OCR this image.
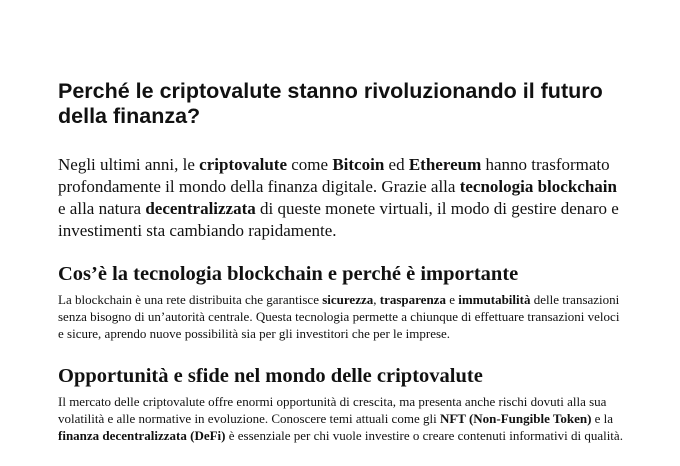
Perché le criptovalute stanno rivoluzionando il futuro della finanza?

Negli ultimi anni, le criptovalute come Bitcoin ed Ethereum hanno trasformato profondamente il mondo della finanza digitale. Grazie alla tecnologia blockchain e alla natura decentralizzata di queste monete virtuali, il modo di gestire denaro e investimenti sta cambiando rapidamente.

Cos’è la tecnologia blockchain e perché è importante

La blockchain è una rete distribuita che garantisce sicurezza, trasparenza e immutabilità delle transazioni senza bisogno di un’autorità centrale. Questa tecnologia permette a chiunque di effettuare transazioni veloci e sicure, aprendo nuove possibilità sia per gli investitori che per le imprese.

Opportunità e sfide nel mondo delle criptovalute

Il mercato delle criptovalute offre enormi opportunità di crescita, ma presenta anche rischi dovuti alla sua volatilità e alle normative in evoluzione. Conoscere temi attuali come gli NFT (Non-Fungible Token) e la finanza decentralizzata (DeFi) è essenziale per chi vuole investire o creare contenuti informativi di qualità.
